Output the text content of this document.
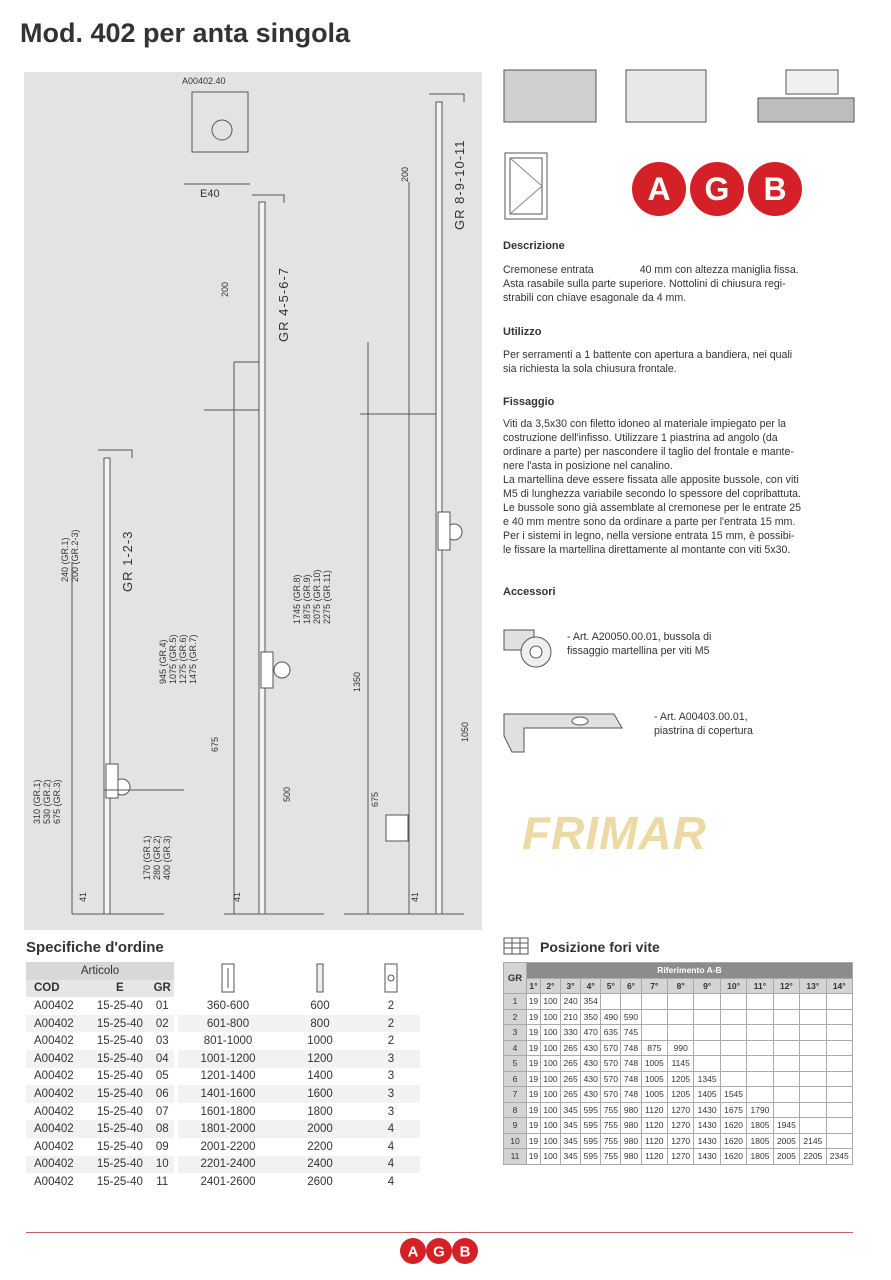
Mod. 402 per anta singola
A00402.40
E40
GR 1-2-3
GR 4-5-6-7
GR 8-9-10-11
200
200
240 (GR.1) 200 (GR.2-3)
310 (GR.1) 530 (GR.2) 675 (GR.3)
170 (GR.1) 280 (GR.2) 400 (GR.3)
945 (GR.4) 1075 (GR.5) 1275 (GR.6) 1475 (GR.7)
1745 (GR.8) 1875 (GR.9) 2075 (GR.10) 2275 (GR.11)
675
500
1350
675
1050
41	41	41
A G B
Descrizione
Cremonese entrata	40 mm con altezza maniglia fissa.
Asta rasabile sulla parte superiore. Nottolini di chiusura regi-
strabili con chiave esagonale da 4 mm.
Utilizzo
Per serramenti a 1 battente con apertura a bandiera, nei quali
sia richiesta la sola chiusura frontale.
Fissaggio
Viti da 3,5x30 con filetto idoneo al materiale impiegato per la
costruzione dell'infisso. Utilizzare 1 piastrina ad angolo (da
ordinare a parte) per nascondere il taglio del frontale e mante-
nere l'asta in posizione nel canalino.
La martellina deve essere fissata alle apposite bussole, con viti
M5 di lunghezza variabile secondo lo spessore del copribattuta.
Le bussole sono già assemblate al cremonese per le entrate 25
e 40 mm mentre sono da ordinare a parte per l'entrata 15 mm.
Per i sistemi in legno, nella versione entrata 15 mm, è possibi-
le fissare la martellina direttamente al montante con viti 5x30.
Accessori
- Art. A20050.00.01, bussola di
fissaggio martellina per viti M5
- Art. A00403.00.01,
piastrina di copertura
FRIMAR
Specifiche d'ordine
Articolo			
COD	E	GR			
A00402	15-25-40	01	360-600	600	2
A00402	15-25-40	02	601-800	800	2
A00402	15-25-40	03	801-1000	1000	2
A00402	15-25-40	04	1001-1200	1200	3
A00402	15-25-40	05	1201-1400	1400	3
A00402	15-25-40	06	1401-1600	1600	3
A00402	15-25-40	07	1601-1800	1800	3
A00402	15-25-40	08	1801-2000	2000	4
A00402	15-25-40	09	2001-2200	2200	4
A00402	15-25-40	10	2201-2400	2400	4
A00402	15-25-40	11	2401-2600	2600	4
Posizione fori vite
GR	Riferimento A-B													
	1°	2°	3°	4°	5°	6°	7°	8°	9°	10°	11°	12°	13°	14°
1	19	100	240	354										
2	19	100	210	350	490	590								
3	19	100	330	470	635	745								
4	19	100	265	430	570	748	875	990						
5	19	100	265	430	570	748	1005	1145						
6	19	100	265	430	570	748	1005	1205	1345					
7	19	100	265	430	570	748	1005	1205	1405	1545				
8	19	100	345	595	755	980	1120	1270	1430	1675	1790			
9	19	100	345	595	755	980	1120	1270	1430	1620	1805	1945		
10	19	100	345	595	755	980	1120	1270	1430	1620	1805	2005	2145	
11	19	100	345	595	755	980	1120	1270	1430	1620	1805	2005	2205	2345
A G B
